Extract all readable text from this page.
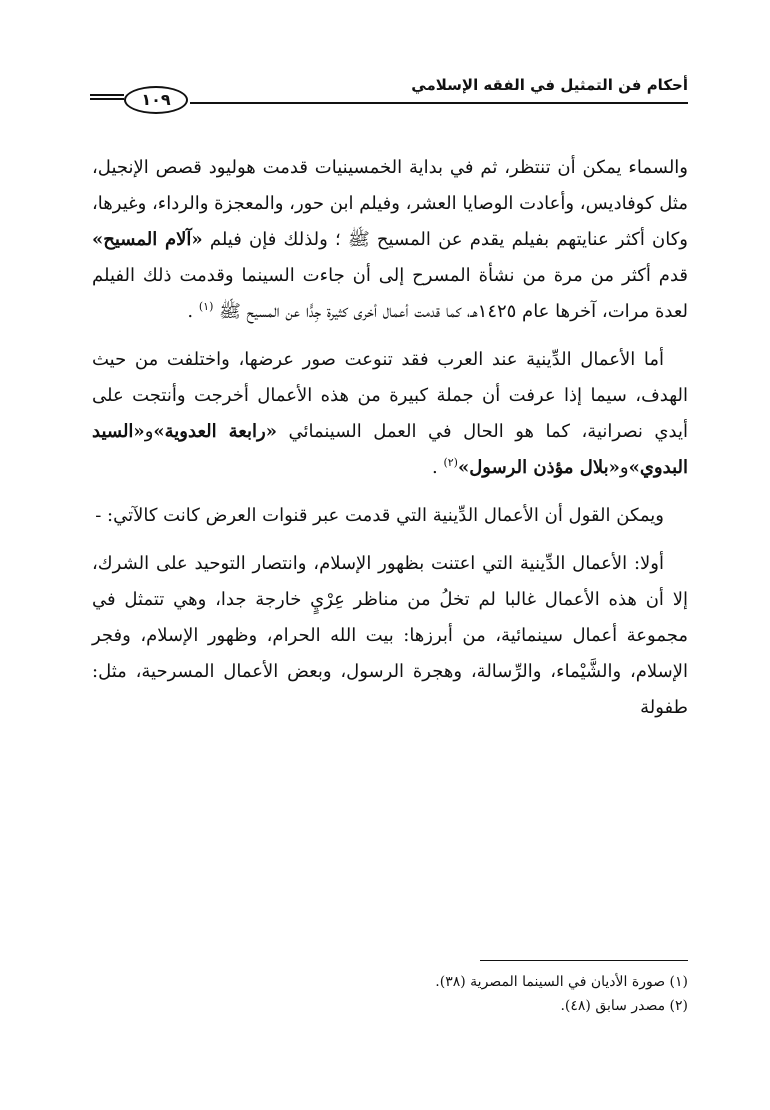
أحكام فن التمثيل في الفقه الإسلامي
١٠٩

والسماء يمكن أن تنتظر، ثم في بداية الخمسينيات قدمت هوليود قصص الإنجيل، مثل كوفاديس، وأعادت الوصايا العشر، وفيلم ابن حور، والمعجزة والرداء، وغيرها، وكان أكثر عنايتهم بفيلم يقدم عن المسيح ﷺ ؛ ولذلك فإن فيلم «آلام المسيح» قدم أكثر من مرة من نشأة المسرح إلى أن جاءت السينما وقدمت ذلك الفيلم لعدة مرات، آخرها عام ١٤٢٥هـ، كما قدمت أعمال أخرى كثيرة جِدًّا عن المسيح ﷺ $^{(١)}$ .

أما الأعمال الدِّينية عند العرب فقد تنوعت صور عرضها، واختلفت من حيث الهدف، سيما إذا عرفت أن جملة كبيرة من هذه الأعمال أخرجت وأنتجت على أيدي نصرانية، كما هو الحال في العمل السينمائي «رابعة العدوية»و«السيد البدوي»و«بلال مؤذن الرسول»$^{(٢)}$ .

ويمكن القول أن الأعمال الدِّينية التي قدمت عبر قنوات العرض كانت كالآتي: -

أولا: الأعمال الدِّينية التي اعتنت بظهور الإسلام، وانتصار التوحيد على الشرك، إلا أن هذه الأعمال غالبا لم تخلُ من مناظر عِرْيٍ خارجة جدا، وهي تتمثل في مجموعة أعمال سينمائية، من أبرزها: بيت الله الحرام، وظهور الإسلام، وفجر الإسلام، والشَّيْماء، والرِّسالة، وهجرة الرسول، وبعض الأعمال المسرحية، مثل: طفولة

(١) صورة الأديان في السينما المصرية (٣٨).
(٢) مصدر سابق (٤٨).
